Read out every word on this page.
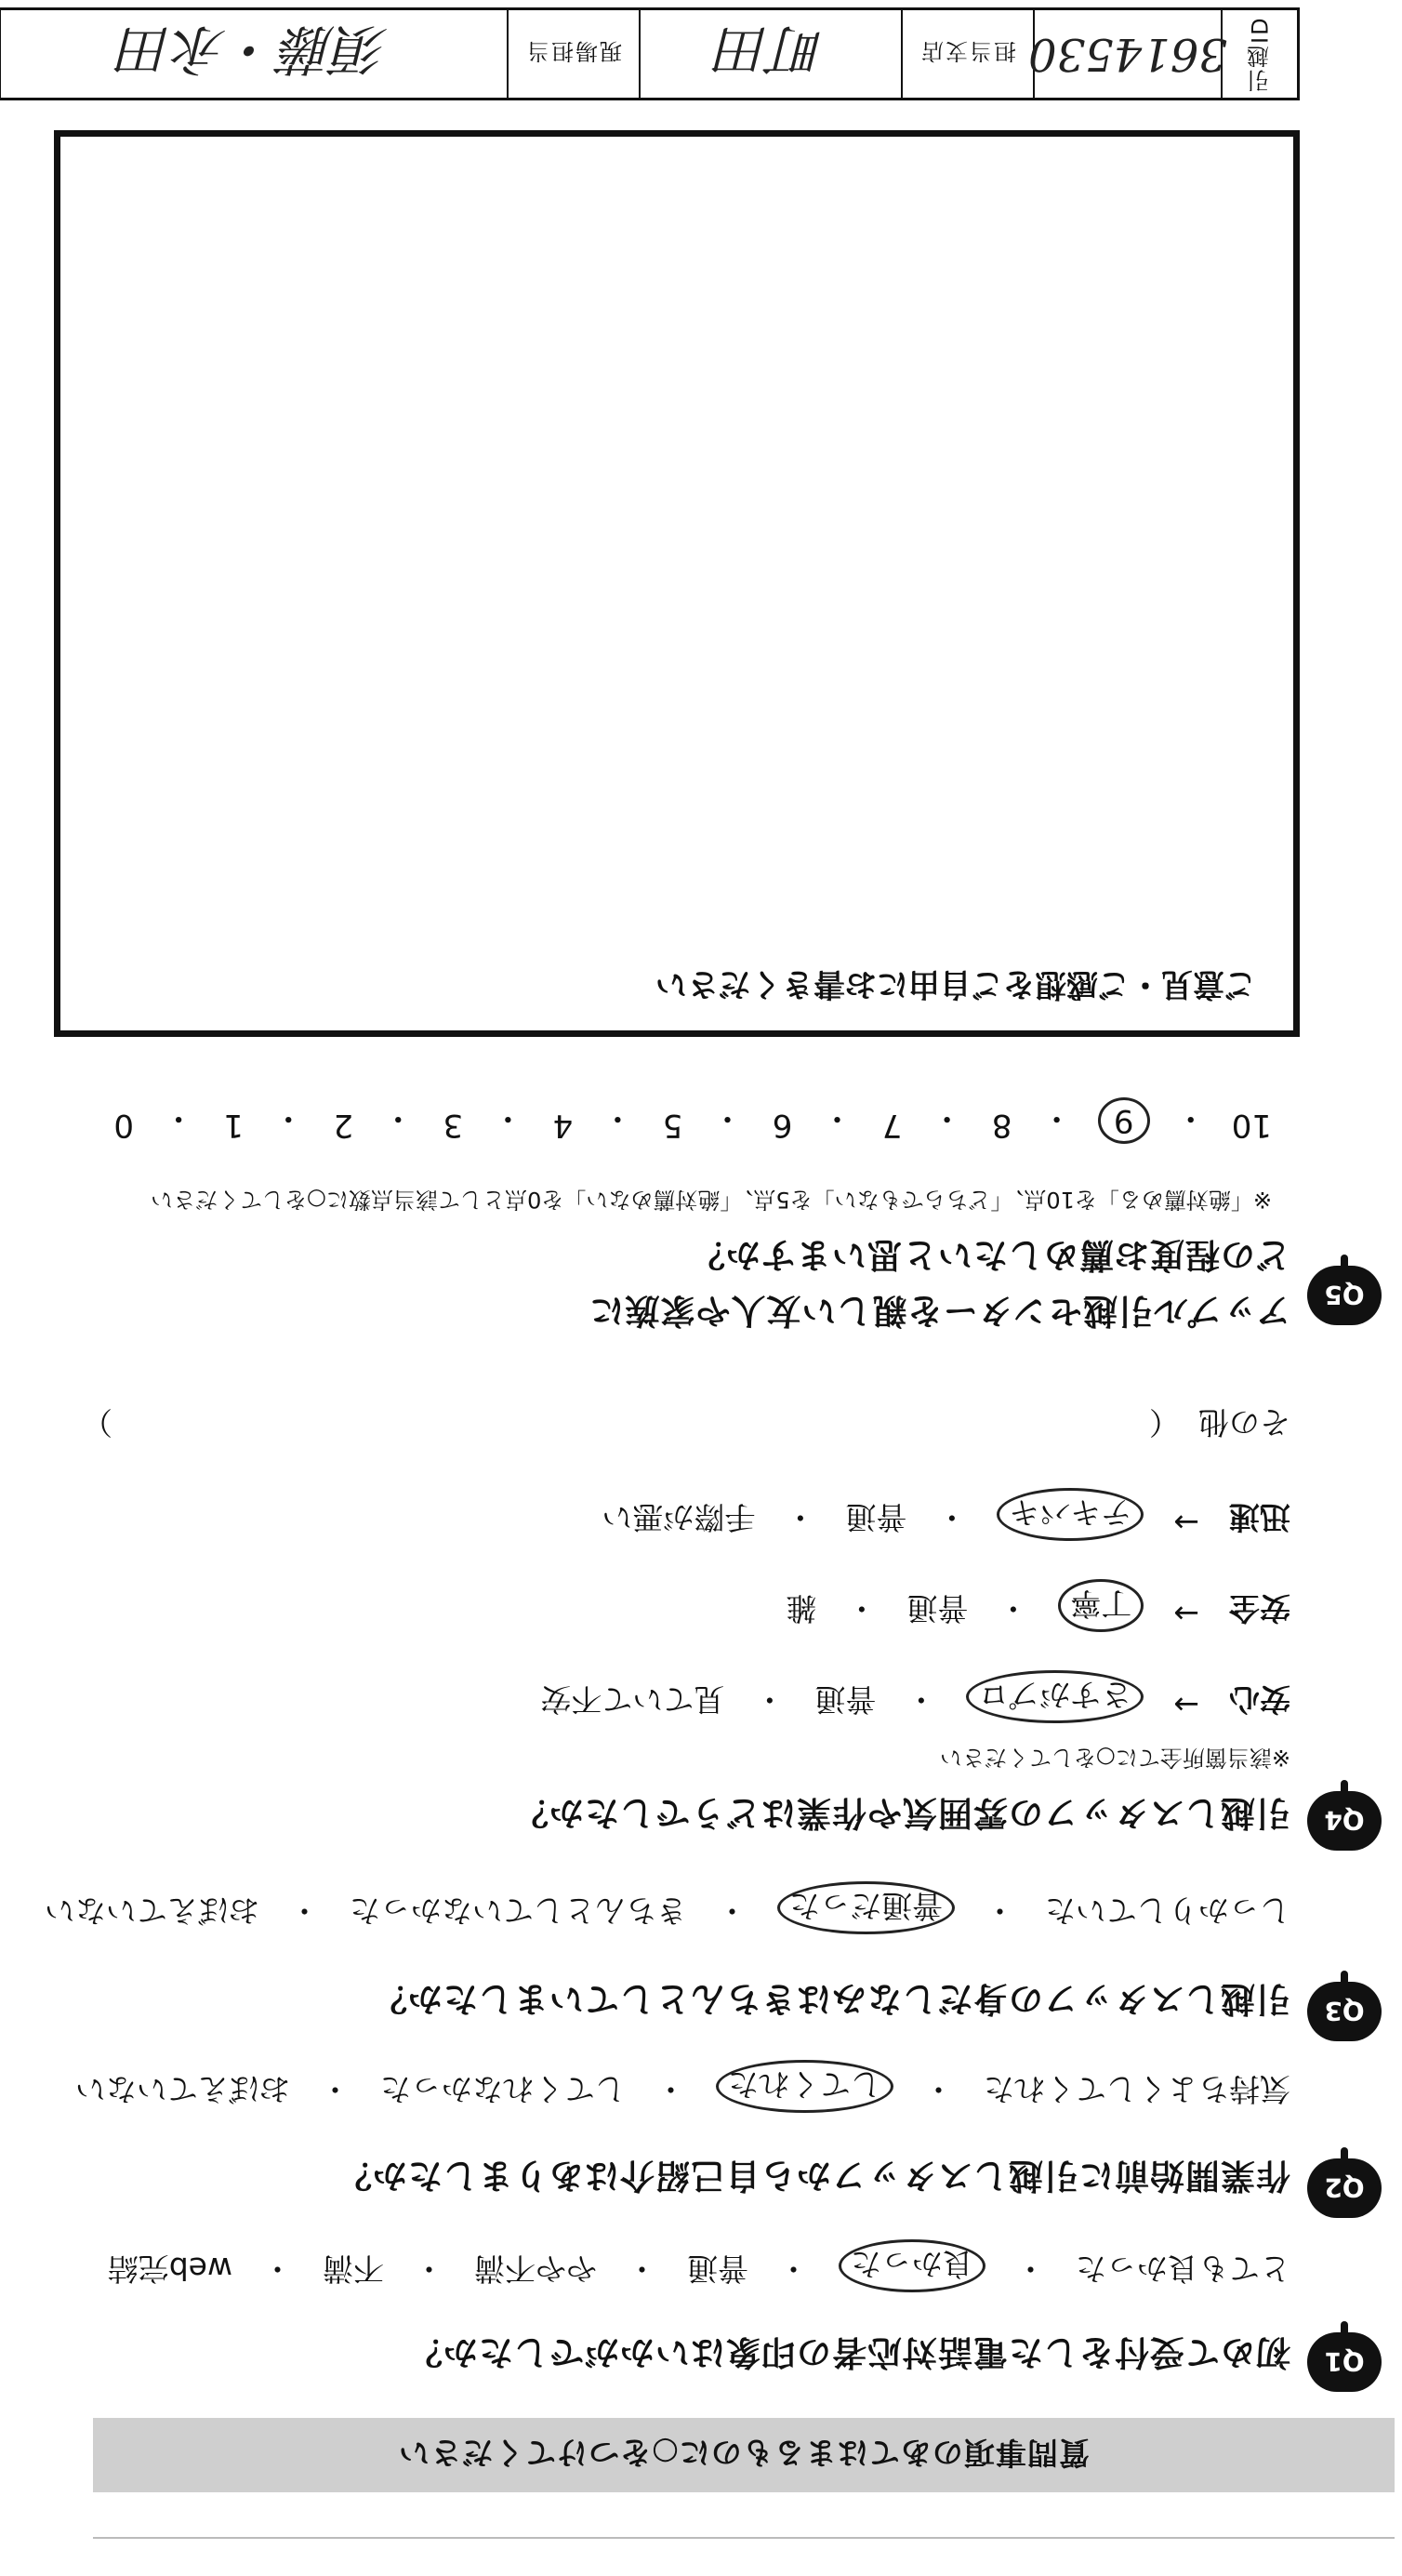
引越ID
3614530
担当支店
町田
現場担当
須藤・永田
ご意見・ご感想をご自由にお書きください
10
・
9
・
8
・
7
・
6
・
5
・
4
・
3
・
2
・
1
・
0
※「絶対薦める」を10点、「どちらでもない」を5点、「絶対薦めない」を0点として該当点数に○をしてください
Q5
アップル引越センターを親しい友人や家族に
どの程度お薦めしたいと思いますか？
その他
（
）
迅速
→
テキパキ
・
普通
・
手際が悪い
安全
→
丁寧
・
普通
・
雑
安心
→
さすがプロ
・
普通
・
見ていて不安
※該当箇所全てに○をしてください
Q4
引越しスタッフの雰囲気や作業はどうでしたか？
しっかりしていた
・
普通だった
・
きちんとしていなかった
・
おぼえていない
Q3
引越しスタッフの身だしなみはきちんとしていましたか？
気持ちよくしてくれた
・
してくれた
・
してくれなかった
・
おぼえていない
Q2
作業開始前に引越しスタッフから自己紹介はありましたか？
とても良かった
・
良かった
・
普通
・
やや不満
・
不満
・
web完結
Q1
初めて受付をした電話対応者の印象はいかがでしたか？
質問事項のあてはまるものに○をつけてください
